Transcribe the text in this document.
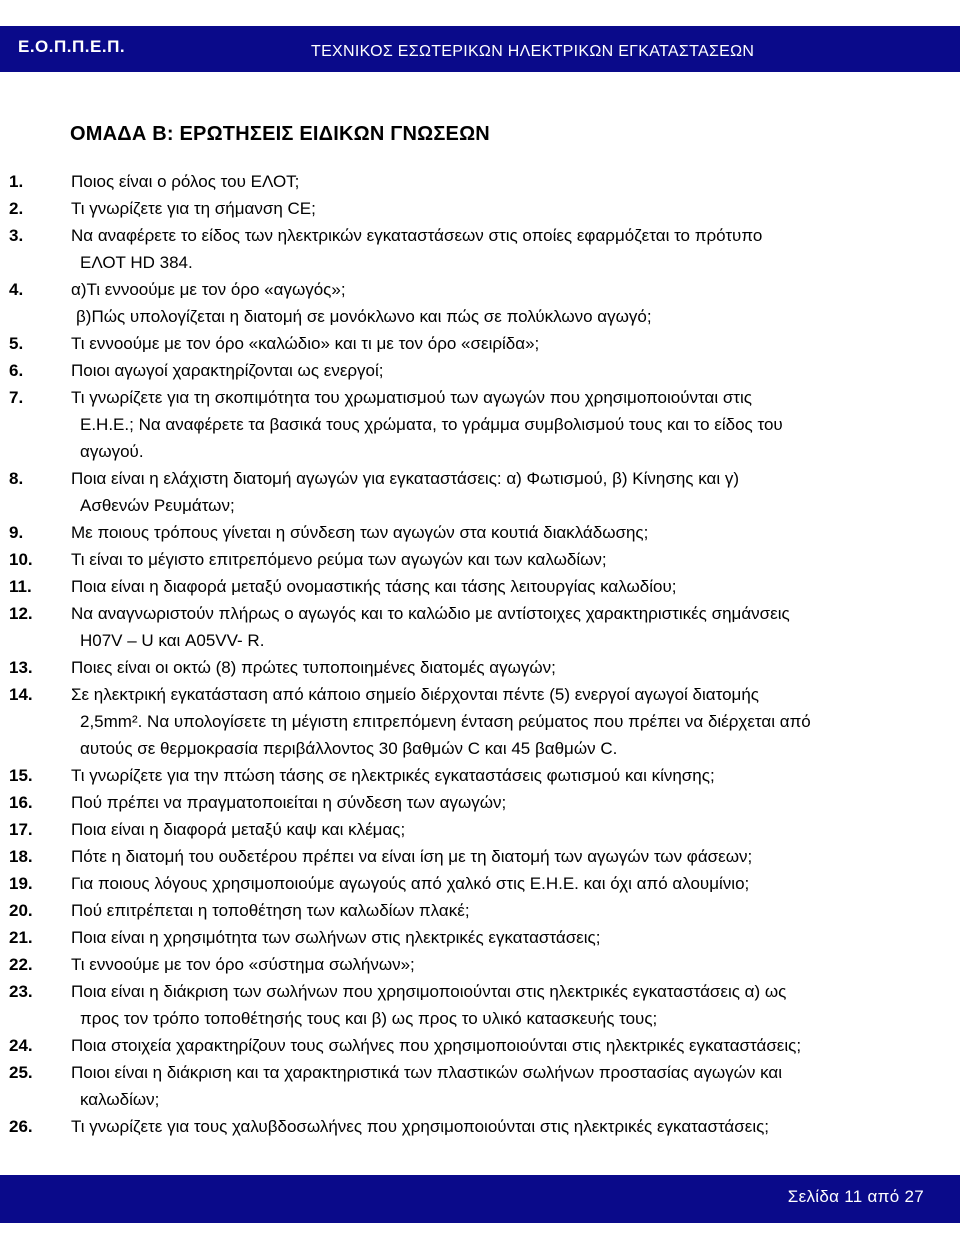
Ε.Ο.Π.Π.Ε.Π.	ΤΕΧΝΙΚΟΣ ΕΣΩΤΕΡΙΚΩΝ ΗΛΕΚΤΡΙΚΩΝ ΕΓΚΑΤΑΣΤΑΣΕΩΝ
ΟΜΑΔΑ Β: ΕΡΩΤΗΣΕΙΣ ΕΙΔΙΚΩΝ ΓΝΩΣΕΩΝ
1.	Ποιος είναι ο ρόλος του ΕΛΟΤ;
2.	Τι γνωρίζετε για τη σήμανση CE;
3.	Να αναφέρετε το είδος των ηλεκτρικών εγκαταστάσεων στις οποίες εφαρμόζεται το πρότυπο
ΕΛΟΤ HD 384.
4.	α)Τι εννοούμε με τον όρο «αγωγός»;
β)Πώς υπολογίζεται η διατομή σε μονόκλωνο και πώς σε πολύκλωνο αγωγό;
5.	Τι εννοούμε με τον όρο «καλώδιο» και τι με τον όρο «σειρίδα»;
6.	Ποιοι αγωγοί χαρακτηρίζονται ως ενεργοί;
7.	Τι γνωρίζετε για τη σκοπιμότητα του χρωματισμού των αγωγών που χρησιμοποιούνται στις
Ε.Η.Ε.; Να αναφέρετε τα βασικά τους χρώματα, το γράμμα συμβολισμού τους και το είδος του
αγωγού.
8.	Ποια είναι η ελάχιστη διατομή αγωγών για εγκαταστάσεις: α) Φωτισμού, β) Κίνησης και γ)
Ασθενών Ρευμάτων;
9.	Με ποιους τρόπους γίνεται η σύνδεση των αγωγών στα κουτιά διακλάδωσης;
10. Τι είναι το μέγιστο επιτρεπόμενο ρεύμα των αγωγών και των καλωδίων;
11. Ποια είναι η διαφορά μεταξύ ονομαστικής τάσης και τάσης λειτουργίας καλωδίου;
12. Να αναγνωριστούν πλήρως ο αγωγός και το καλώδιο με αντίστοιχες χαρακτηριστικές σημάνσεις
H07V – U και A05VV- R.
13. Ποιες είναι οι οκτώ (8) πρώτες τυποποιημένες διατομές αγωγών;
14. Σε ηλεκτρική εγκατάσταση από κάποιο σημείο διέρχονται πέντε (5) ενεργοί αγωγοί διατομής
2,5mm². Να υπολογίσετε τη μέγιστη επιτρεπόμενη ένταση ρεύματος που πρέπει να διέρχεται από
αυτούς σε θερμοκρασία περιβάλλοντος 30 βαθμών C και 45 βαθμών C.
15. Τι γνωρίζετε για την πτώση τάσης σε ηλεκτρικές εγκαταστάσεις φωτισμού και κίνησης;
16. Πού πρέπει να πραγματοποιείται η σύνδεση των αγωγών;
17. Ποια είναι η διαφορά μεταξύ καψ και κλέμας;
18. Πότε η διατομή του ουδετέρου πρέπει να είναι ίση με τη διατομή των αγωγών των φάσεων;
19. Για ποιους λόγους χρησιμοποιούμε αγωγούς από χαλκό στις Ε.Η.Ε. και όχι από αλουμίνιο;
20. Πού επιτρέπεται η τοποθέτηση των καλωδίων πλακέ;
21. Ποια είναι η χρησιμότητα των σωλήνων στις ηλεκτρικές εγκαταστάσεις;
22. Τι εννοούμε με τον όρο «σύστημα σωλήνων»;
23. Ποια είναι η διάκριση των σωλήνων που χρησιμοποιούνται στις ηλεκτρικές εγκαταστάσεις α) ως
προς τον τρόπο τοποθέτησής τους και β) ως προς το υλικό κατασκευής τους;
24. Ποια στοιχεία χαρακτηρίζουν τους σωλήνες που χρησιμοποιούνται στις ηλεκτρικές εγκαταστάσεις;
25. Ποιοι είναι η διάκριση και τα χαρακτηριστικά των πλαστικών σωλήνων προστασίας αγωγών και
καλωδίων;
26. Τι γνωρίζετε για τους χαλυβδοσωλήνες που χρησιμοποιούνται στις ηλεκτρικές εγκαταστάσεις;
Σελίδα 11 από 27
